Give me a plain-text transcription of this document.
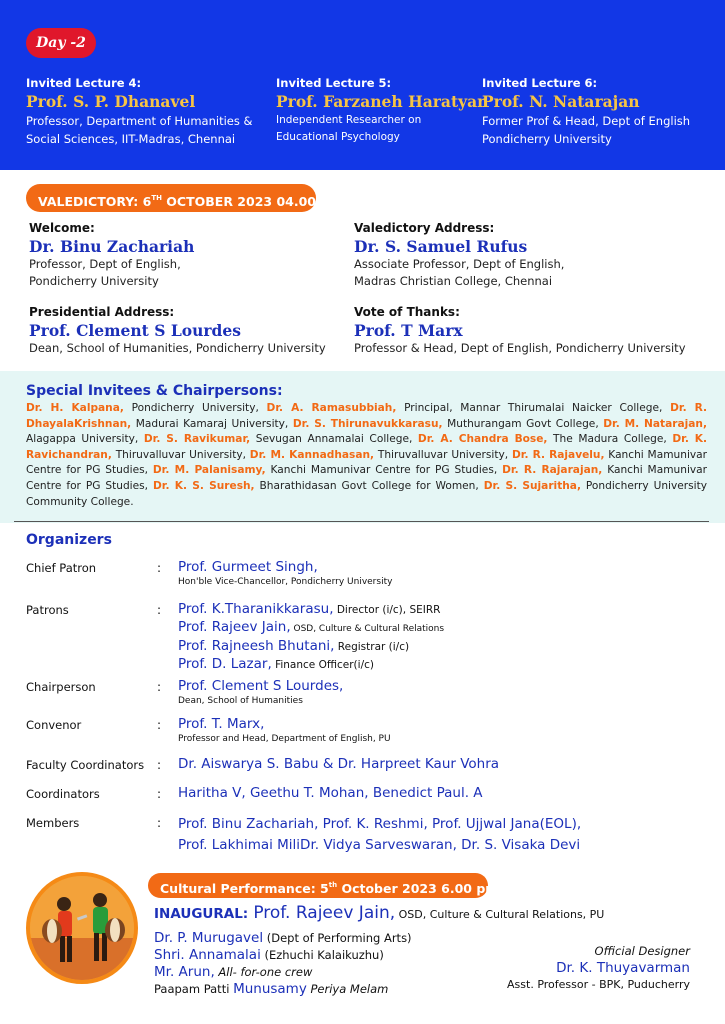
Day -2
Invited Lecture 4:
Prof. S. P. Dhanavel
Professor, Department of Humanities &
Social Sciences, IIT-Madras, Chennai
Invited Lecture 5:
Prof. Farzaneh Haratyan
Independent Researcher on
Educational Psychology
Invited Lecture 6:
Prof. N. Natarajan
Former Prof & Head, Dept of English
Pondicherry University
VALEDICTORY: 6TH OCTOBER 2023 04.00 PM
Welcome:
Dr. Binu Zachariah
Professor, Dept of English,
Pondicherry University
Valedictory Address:
Dr. S. Samuel Rufus
Associate Professor, Dept of English,
Madras Christian College, Chennai
Presidential Address:
Prof. Clement S Lourdes
Dean, School of Humanities, Pondicherry University
Vote of Thanks:
Prof. T Marx
Professor & Head, Dept of English, Pondicherry University
Special Invitees & Chairpersons:
Dr. H. Kalpana, Pondicherry University, Dr. A. Ramasubbiah, Principal, Mannar Thirumalai Naicker College, Dr. R. DhayalaKrishnan, Madurai Kamaraj University, Dr. S. Thirunavukkarasu, Muthurangam Govt College, Dr. M. Natarajan, Alagappa University, Dr. S. Ravikumar, Sevugan Annamalai College, Dr. A. Chandra Bose, The Madura College, Dr. K. Ravichandran, Thiruvalluvar University, Dr. M. Kannadhasan, Thiruvalluvar University, Dr. R. Rajavelu, Kanchi Mamunivar Centre for PG Studies, Dr. M. Palanisamy, Kanchi Mamunivar Centre for PG Studies, Dr. R. Rajarajan, Kanchi Mamunivar Centre for PG Studies, Dr. K. S. Suresh, Bharathidasan Govt College for Women, Dr. S. Sujaritha, Pondicherry University Community College.
Organizers
Chief Patron	: Prof. Gurmeet Singh,
Hon'ble Vice-Chancellor, Pondicherry University
Patrons	: Prof. K.Tharanikkarasu, Director (i/c), SEIRR
Prof. Rajeev Jain, OSD, Culture & Cultural Relations
Prof. Rajneesh Bhutani, Registrar (i/c)
Prof. D. Lazar, Finance Officer(i/c)
Chairperson	: Prof. Clement S Lourdes,
Dean, School of Humanities
Convenor	: Prof. T. Marx,
Professor and Head, Department of English, PU
Faculty Coordinators : Dr. Aiswarya S. Babu & Dr. Harpreet Kaur Vohra
Coordinators	: Haritha V, Geethu T. Mohan, Benedict Paul. A
Members	: Prof. Binu Zachariah, Prof. K. Reshmi, Prof. Ujjwal Jana(EOL),
Prof. Lakhimai MiliDr. Vidya Sarveswaran, Dr. S. Visaka Devi
Cultural Performance: 5th October 2023 6.00 pm
INAUGURAL: Prof. Rajeev Jain, OSD, Culture & Cultural Relations, PU
Dr. P. Murugavel (Dept of Performing Arts)
Shri. Annamalai (Ezhuchi Kalaikuzhu)
Mr. Arun, All- for-one crew
Paapam Patti Munusamy Periya Melam
Official Designer
Dr. K. Thuyavarman
Asst. Professor - BPK, Puducherry
